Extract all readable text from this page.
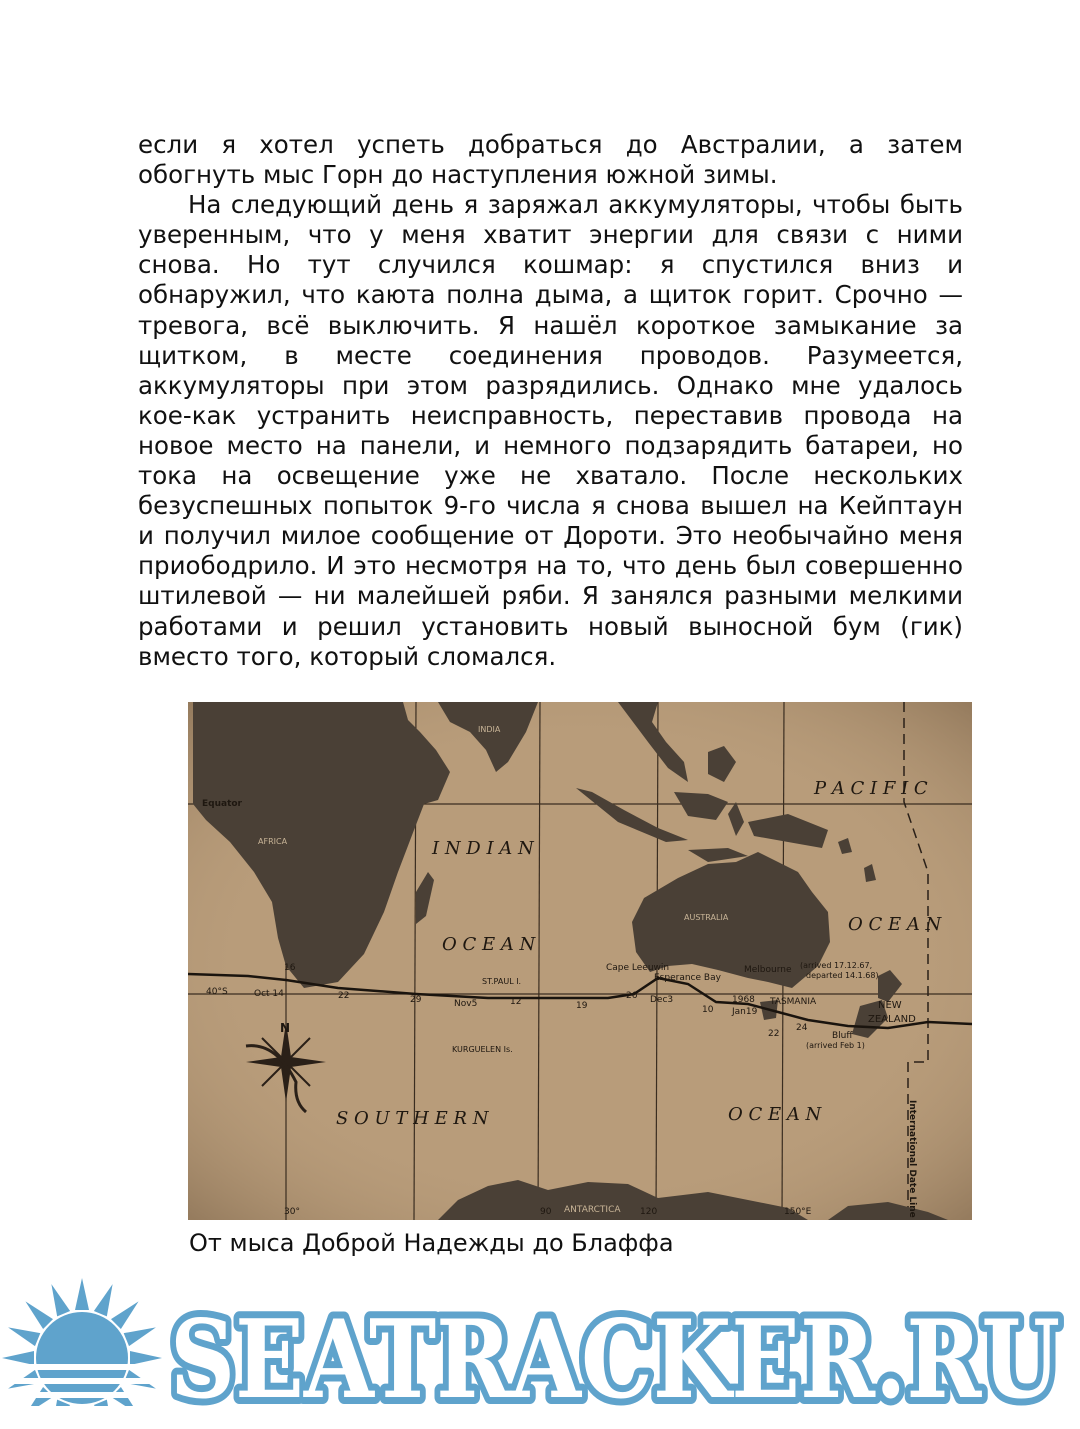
если я хотел успеть добраться до Австралии, а затем обогнуть мыс Горн до наступления южной зимы.

На следующий день я заряжал аккумуляторы, чтобы быть уверенным, что у меня хватит энергии для связи с ними снова. Но тут случился кошмар: я спустился вниз и обнаружил, что каюта полна дыма, а щиток горит. Срочно — тревога, всё выключить. Я нашёл короткое замыкание за щитком, в месте соединения проводов. Разумеется, аккумуляторы при этом разрядились. Однако мне удалось кое-как устранить неисправность, переставив провода на новое место на панели, и немного подзарядить батареи, но тока на освещение уже не хватало. После нескольких безуспешных попыток 9-го числа я снова вышел на Кейптаун и получил милое сообщение от Дороти. Это необычайно меня приободрило. И это несмотря на то, что день был совершенно штилевой — ни малейшей ряби. Я занялся разными мелкими работами и решил установить новый выносной бум (гик) вместо того, который сломался.

Equator
AFRICA
INDIA
I N D I A N
O C E A N
P A C I F I C
O C E A N
AUSTRALIA
S O U T H E R N	O C E A N
ANTARCTICA
TASMANIA	NEW
ZEALAND
Cape Leeuwin
Esperance Bay
Melbourne (arrived 17.12.67,
departed 14.1.68)
Bluff
(arrived Feb 1)
ST.PAUL I.
KURGUELEN Is.
40°S	Oct 14
Nov5	Dec3	1968
Jan19
16
22	29	12	19
26
10
22
24
30°	90	120	150°E	International Date Line
N
От мыса Доброй Надежды до Блаффа
SEATRACKER.RU
SEATRACKER.RU
